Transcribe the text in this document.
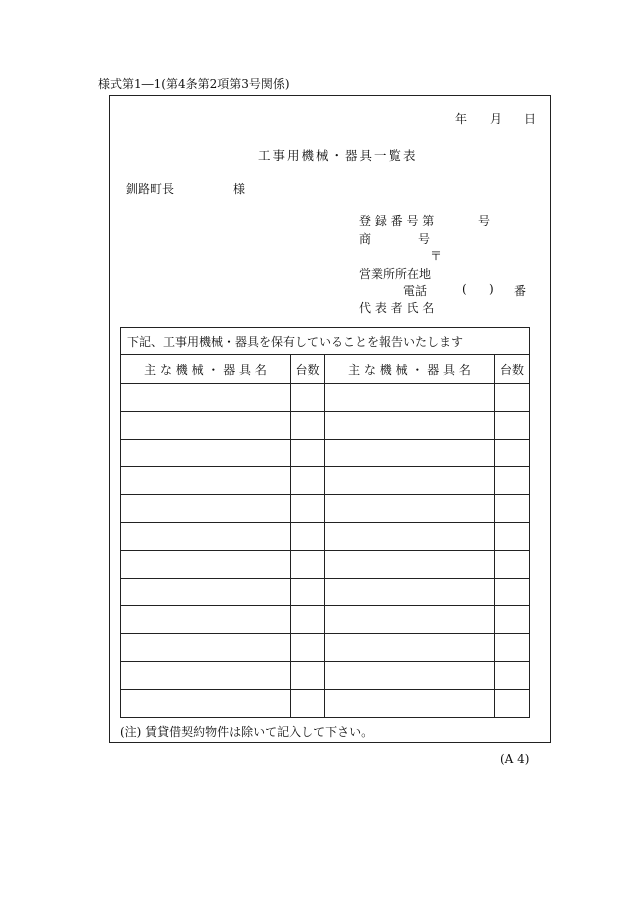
様式第1―1(第4条第2項第3号関係)
年 月 日
工事用機械・器具一覧表
釧路町長	様
登 録 番 号 第	号
商	号
〒
営業所所在地
電話	( ) 番
代 表 者 氏 名
下記、工事用機械・器具を保有していることを報告いたします			
主 な 機 械 ・ 器 具 名	台数	主 な 機 械 ・ 器 具 名	台数

(注) 賃貸借契約物件は除いて記入して下さい。
(A 4)
